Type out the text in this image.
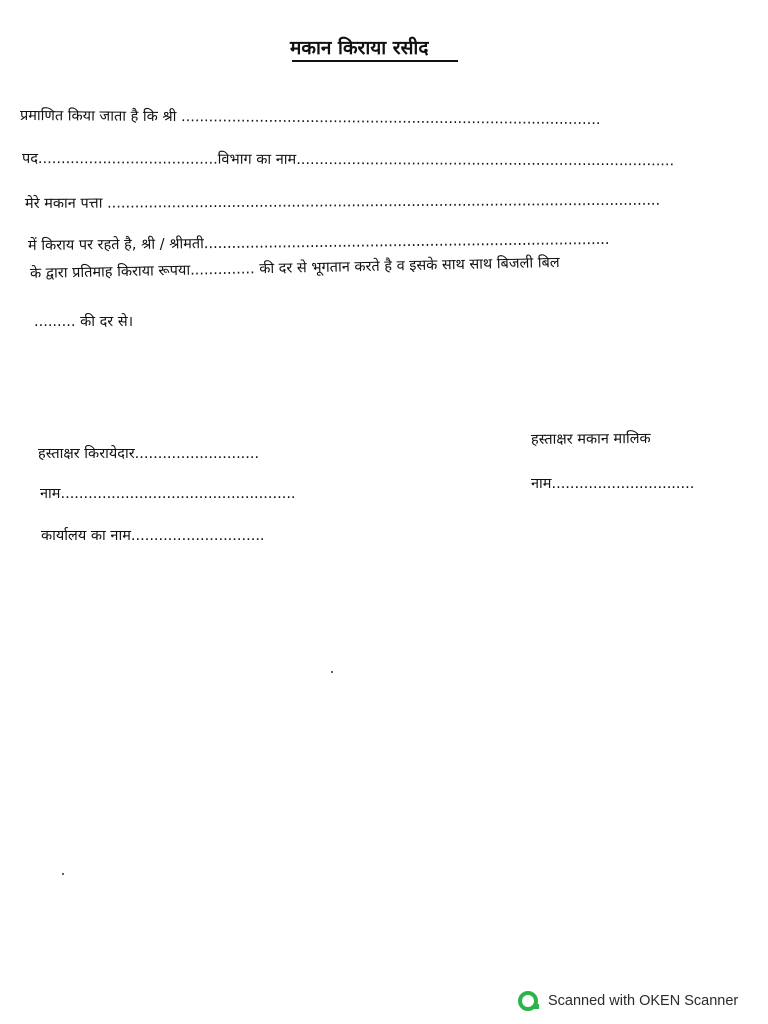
मकान किराया रसीद
प्रमाणित किया जाता है कि श्री ...........................................................................................
पद.......................................विभाग का नाम..................................................................................
मेरे मकान पत्ता ........................................................................................................................
में किराय पर रहते है, श्री / श्रीमती........................................................................................
के द्वारा प्रतिमाह किराया रूपया.............. की दर से भूगतान करते है व इसके साथ साथ बिजली बिल
......... की दर से।
हस्ताक्षर किरायेदार...........................
नाम...................................................
कार्यालय का नाम.............................
हस्ताक्षर मकान मालिक
नाम...............................
Scanned with OKEN Scanner
